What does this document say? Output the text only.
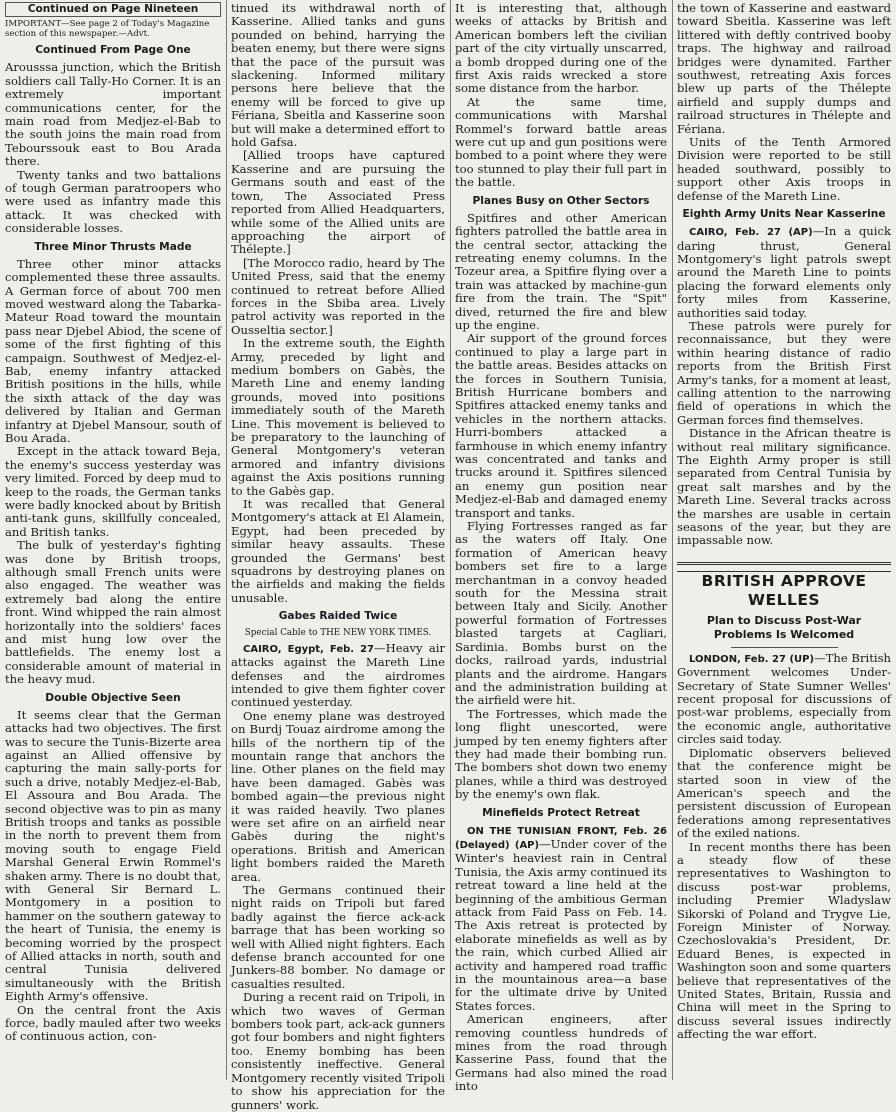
Continued on Page Nineteen

IMPORTANT—See page 2 of Today's Magazine section of this newspaper.—Advt.

Continued From Page One

Arousssa junction, which the British soldiers call Tally-Ho Corner. It is an extremely important communications center, for the main road from Medjez-el-Bab to the south joins the main road from Tebourssouk east to Bou Arada there.

Twenty tanks and two battalions of tough German paratroopers who were used as infantry made this attack. It was checked with considerable losses.

Three Minor Thrusts Made

Three other minor attacks complemented these three assaults. A German force of about 700 men moved westward along the Tabarka-Mateur Road toward the mountain pass near Djebel Abiod, the scene of some of the first fighting of this campaign. Southwest of Medjez-el-Bab, enemy infantry attacked British positions in the hills, while the sixth attack of the day was delivered by Italian and German infantry at Djebel Mansour, south of Bou Arada.

Except in the attack toward Beja, the enemy's success yesterday was very limited. Forced by deep mud to keep to the roads, the German tanks were badly knocked about by British anti-tank guns, skillfully concealed, and British tanks.

The bulk of yesterday's fighting was done by British troops, although small French units were also engaged. The weather was extremely bad along the entire front. Wind whipped the rain almost horizontally into the soldiers' faces and mist hung low over the battlefields. The enemy lost a considerable amount of material in the heavy mud.

Double Objective Seen

It seems clear that the German attacks had two objectives. The first was to secure the Tunis-Bizerte area against an Allied offensive by capturing the main sally-ports for such a drive, notably Medjez-el-Bab, El Assoura and Bou Arada. The second objective was to pin as many British troops and tanks as possible in the north to prevent them from moving south to engage Field Marshal General Erwin Rommel's shaken army. There is no doubt that, with General Sir Bernard L. Montgomery in a position to hammer on the southern gateway to the heart of Tunisia, the enemy is becoming worried by the prospect of Allied attacks in north, south and central Tunisia delivered simultaneously with the British Eighth Army's offensive.

On the central front the Axis force, badly mauled after two weeks of continuous action, con-

tinued its withdrawal north of Kasserine. Allied tanks and guns pounded on behind, harrying the beaten enemy, but there were signs that the pace of the pursuit was slackening. Informed military persons here believe that the enemy will be forced to give up Fériana, Sbeitla and Kasserine soon but will make a determined effort to hold Gafsa.

[Allied troops have captured Kasserine and are pursuing the Germans south and east of the town, The Associated Press reported from Allied Headquarters, while some of the Allied units are approaching the airport of Thélepte.]

[The Morocco radio, heard by The United Press, said that the enemy continued to retreat before Allied forces in the Sbiba area. Lively patrol activity was reported in the Ousseltia sector.]

In the extreme south, the Eighth Army, preceded by light and medium bombers on Gabès, the Mareth Line and enemy landing grounds, moved into positions immediately south of the Mareth Line. This movement is believed to be preparatory to the launching of General Montgomery's veteran armored and infantry divisions against the Axis positions running to the Gabès gap.

It was recalled that General Montgomery's attack at El Alamein, Egypt, had been preceded by similar heavy assaults. These grounded the Germans' best squadrons by destroying planes on the airfields and making the fields unusable.

Gabes Raided Twice

Special Cable to THE NEW YORK TIMES.

CAIRO, Egypt, Feb. 27—Heavy air attacks against the Mareth Line defenses and the airdromes intended to give them fighter cover continued yesterday.

One enemy plane was destroyed on Burdj Touaz airdrome among the hills of the northern tip of the mountain range that anchors the line. Other planes on the field may have been damaged. Gabès was bombed again—the previous night it was raided heavily. Two planes were set afire on an airfield near Gabès during the night's operations. British and American light bombers raided the Mareth area.

The Germans continued their night raids on Tripoli but fared badly against the fierce ack-ack barrage that has been working so well with Allied night fighters. Each defense branch accounted for one Junkers-88 bomber. No damage or casualties resulted.

During a recent raid on Tripoli, in which two waves of German bombers took part, ack-ack gunners got four bombers and night fighters too. Enemy bombing has been consistently ineffective. General Montgomery recently visited Tripoli to show his appreciation for the gunners' work.

It is interesting that, although weeks of attacks by British and American bombers left the civilian part of the city virtually unscarred, a bomb dropped during one of the first Axis raids wrecked a store some distance from the harbor.

At the same time, communications with Marshal Rommel's forward battle areas were cut up and gun positions were bombed to a point where they were too stunned to play their full part in the battle.

Planes Busy on Other Sectors

Spitfires and other American fighters patrolled the battle area in the central sector, attacking the retreating enemy columns. In the Tozeur area, a Spitfire flying over a train was attacked by machine-gun fire from the train. The "Spit" dived, returned the fire and blew up the engine.

Air support of the ground forces continued to play a large part in the battle areas. Besides attacks on the forces in Southern Tunisia, British Hurricane bombers and Spitfires attacked enemy tanks and vehicles in the northern attacks. Hurri-bombers attacked a farmhouse in which enemy infantry was concentrated and tanks and trucks around it. Spitfires silenced an enemy gun position near Medjez-el-Bab and damaged enemy transport and tanks.

Flying Fortresses ranged as far as the waters off Italy. One formation of American heavy bombers set fire to a large merchantman in a convoy headed south for the Messina strait between Italy and Sicily. Another powerful formation of Fortresses blasted targets at Cagliari, Sardinia. Bombs burst on the docks, railroad yards, industrial plants and the airdrome. Hangars and the administration building at the airfield were hit.

The Fortresses, which made the long flight unescorted, were jumped by ten enemy fighters after they had made their bombing run. The bombers shot down two enemy planes, while a third was destroyed by the enemy's own flak.

Minefields Protect Retreat

ON THE TUNISIAN FRONT, Feb. 26 (Delayed) (AP)—Under cover of the Winter's heaviest rain in Central Tunisia, the Axis army continued its retreat toward a line held at the beginning of the ambitious German attack from Faid Pass on Feb. 14. The Axis retreat is protected by elaborate minefields as well as by the rain, which curbed Allied air activity and hampered road traffic in the mountainous area—a base for the ultimate drive by United States forces.

American engineers, after removing countless hundreds of mines from the road through Kasserine Pass, found that the Germans had also mined the road into

the town of Kasserine and eastward toward Sbeitla. Kasserine was left littered with deftly contrived booby traps. The highway and railroad bridges were dynamited. Farther southwest, retreating Axis forces blew up parts of the Thélepte airfield and supply dumps and railroad structures in Thélepte and Fériana.

Units of the Tenth Armored Division were reported to be still headed southward, possibly to support other Axis troops in defense of the Mareth Line.

Eighth Army Units Near Kasserine

CAIRO, Feb. 27 (AP)—In a quick daring thrust, General Montgomery's light patrols swept around the Mareth Line to points placing the forward elements only forty miles from Kasserine, authorities said today.

These patrols were purely for reconnaissance, but they were within hearing distance of radio reports from the British First Army's tanks, for a moment at least, calling attention to the narrowing field of operations in which the German forces find themselves.

Distance in the African theatre is without real military significance. The Eighth Army proper is still separated from Central Tunisia by great salt marshes and by the Mareth Line. Several tracks across the marshes are usable in certain seasons of the year, but they are impassable now.

BRITISH APPROVE WELLES
Plan to Discuss Post-War Problems Is Welcomed

LONDON, Feb. 27 (UP)—The British Government welcomes Under-Secretary of State Sumner Welles' recent proposal for discussions of post-war problems, especially from the economic angle, authoritative circles said today.

Diplomatic observers believed that the conference might be started soon in view of the American's speech and the persistent discussion of European federations among representatives of the exiled nations.

In recent months there has been a steady flow of these representatives to Washington to discuss post-war problems, including Premier Wladyslaw Sikorski of Poland and Trygve Lie, Foreign Minister of Norway. Czechoslovakia's President, Dr. Eduard Benes, is expected in Washington soon and some quarters believe that representatives of the United States, Britain, Russia and China will meet in the Spring to discuss several issues indirectly affecting the war effort.
